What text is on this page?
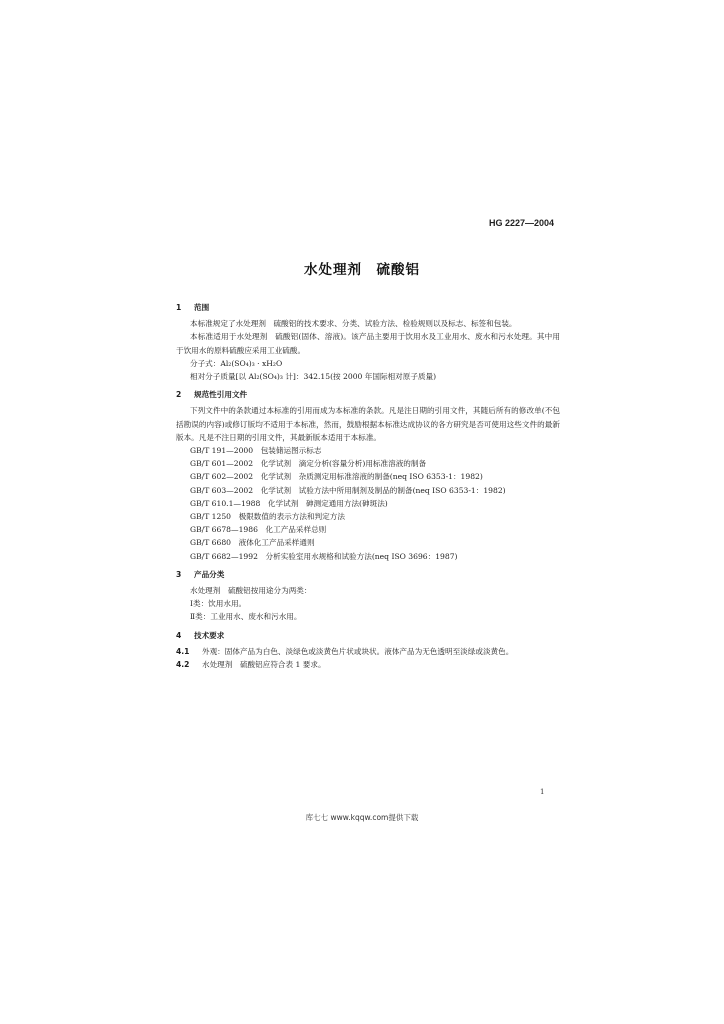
HG 2227—2004
水处理剂　硫酸铝
1 范围

本标准规定了水处理剂　硫酸铝的技术要求、分类、试验方法、检验规则以及标志、标签和包装。

本标准适用于水处理剂　硫酸铝(固体、溶液)。该产品主要用于饮用水及工业用水、废水和污水处理。其中用于饮用水的原料硫酸应采用工业硫酸。

分子式：Al₂(SO₄)₃ · xH₂O

相对分子质量[以 Al₂(SO₄)₃ 计]：342.15(按 2000 年国际相对原子质量)

2 规范性引用文件

下列文件中的条款通过本标准的引用而成为本标准的条款。凡是注日期的引用文件，其随后所有的修改单(不包括勘误的内容)或修订版均不适用于本标准，然而，鼓励根据本标准达成协议的各方研究是否可使用这些文件的最新版本。凡是不注日期的引用文件，其最新版本适用于本标准。

GB/T 191—2000　包装储运图示标志

GB/T 601—2002　化学试剂　滴定分析(容量分析)用标准溶液的制备

GB/T 602—2002　化学试剂　杂质测定用标准溶液的制备(neq ISO 6353-1：1982)

GB/T 603—2002　化学试剂　试验方法中所用制剂及制品的制备(neq ISO 6353-1：1982)

GB/T 610.1—1988　化学试剂　砷测定通用方法(砷斑法)

GB/T 1250　极限数值的表示方法和判定方法

GB/T 6678—1986　化工产品采样总则

GB/T 6680　液体化工产品采样通则

GB/T 6682—1992　分析实验室用水规格和试验方法(neq ISO 3696：1987)

3 产品分类

水处理剂　硫酸铝按用途分为两类：

Ⅰ类：饮用水用。

Ⅱ类：工业用水、废水和污水用。

4 技术要求

4.1 外观：固体产品为白色、淡绿色或淡黄色片状或块状。液体产品为无色透明至淡绿或淡黄色。

4.2 水处理剂　硫酸铝应符合表 1 要求。

1
库七七 www.kqqw.com提供下载
